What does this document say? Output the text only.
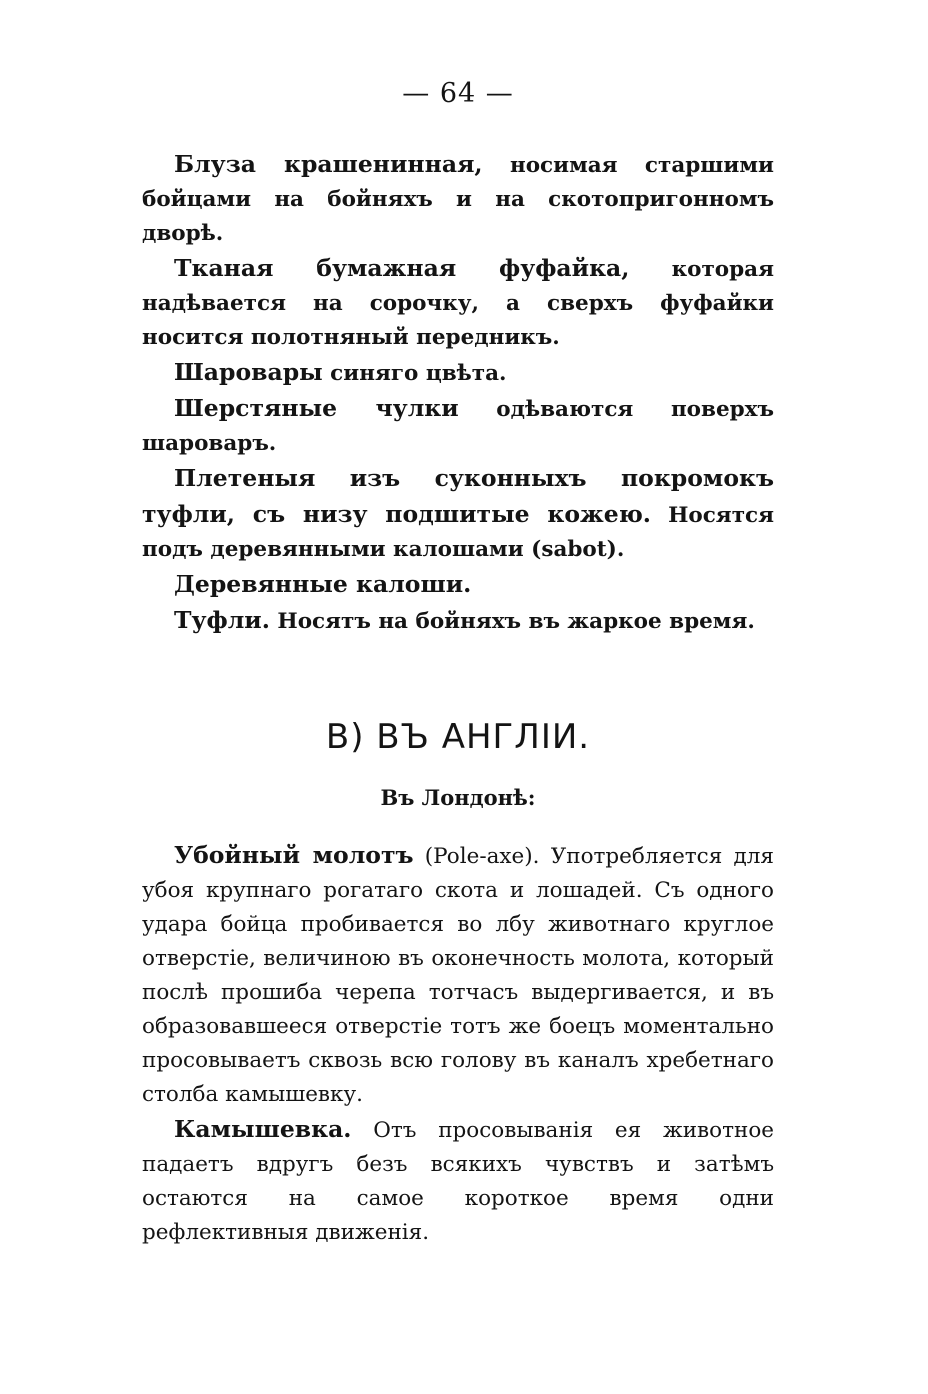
— 64 —

Блуза крашенинная, носимая старшими бойцами на бойняхъ и на скотопригонномъ дворѣ.

Тканая бумажная фуфайка, которая надѣвается на сорочку, а сверхъ фуфайки носится полотняный передникъ.

Шаровары синяго цвѣта.

Шерстяные чулки одѣваются поверхъ шароваръ.

Плетеныя изъ суконныхъ покромокъ туфли, съ низу подшитые кожею. Носятся подъ деревянными калошами (sabot).

Деревянные калоши.

Туфли. Носятъ на бойняхъ въ жаркое время.

B) ВЪ АНГЛІИ.
Въ Лондонѣ:

Убойный молотъ (Pole-axe). Употребляется для убоя крупнаго рогатаго скота и лошадей. Съ одного удара бойца пробивается во лбу животнаго круглое отверстіе, величиною въ оконечность молота, который послѣ прошиба черепа тотчасъ выдергивается, и въ образовавшееся отверстіе тотъ же боецъ моментально просовываетъ сквозь всю голову въ каналъ хребетнаго столба камышевку.

Камышевка. Отъ просовыванія ея животное падаетъ вдругъ безъ всякихъ чувствъ и затѣмъ остаются на самое короткое время одни рефлективныя движенія.
